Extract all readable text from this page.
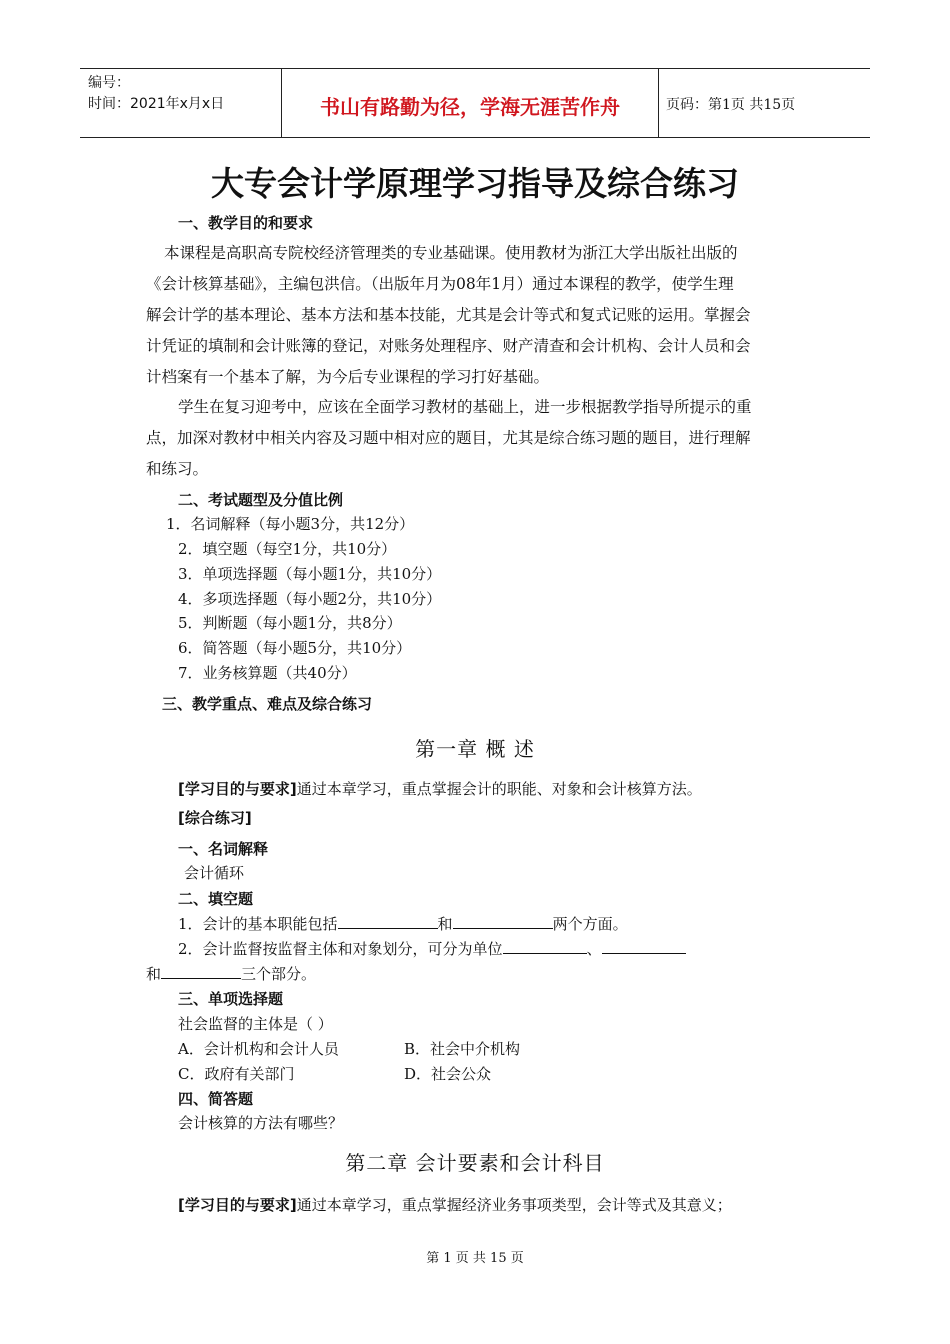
编号：
时间：2021年x月x日	书山有路勤为径，学海无涯苦作舟	页码：第1页 共15页
大专会计学原理学习指导及综合练习
一、教学目的和要求
本课程是高职高专院校经济管理类的专业基础课。使用教材为浙江大学出版社出版的
《会计核算基础》，主编包洪信。（出版年月为08年1月）通过本课程的教学，使学生理
解会计学的基本理论、基本方法和基本技能，尤其是会计等式和复式记账的运用。掌握会
计凭证的填制和会计账簿的登记，对账务处理程序、财产清查和会计机构、会计人员和会
计档案有一个基本了解，为今后专业课程的学习打好基础。
学生在复习迎考中，应该在全面学习教材的基础上，进一步根据教学指导所提示的重
点，加深对教材中相关内容及习题中相对应的题目，尤其是综合练习题的题目，进行理解
和练习。
二、考试题型及分值比例
1．名词解释（每小题3分，共12分）
2．填空题（每空1分，共10分）
3．单项选择题（每小题1分，共10分）
4．多项选择题（每小题2分，共10分）
5．判断题（每小题1分，共8分）
6．简答题（每小题5分，共10分）
7．业务核算题（共40分）
三、教学重点、难点及综合练习
第一章 概 述
[学习目的与要求]通过本章学习，重点掌握会计的职能、对象和会计核算方法。
[综合练习]
一、名词解释
会计循环
二、填空题
1．会计的基本职能包括	和	两个方面。
2．会计监督按监督主体和对象划分，可分为单位	、
和	三个部分。
三、单项选择题
社会监督的主体是（ ）
A．会计机构和会计人员	B．社会中介机构
C．政府有关部门	D．社会公众
四、简答题
会计核算的方法有哪些？
第二章 会计要素和会计科目
[学习目的与要求]通过本章学习，重点掌握经济业务事项类型，会计等式及其意义；
第 1 页 共 15 页
